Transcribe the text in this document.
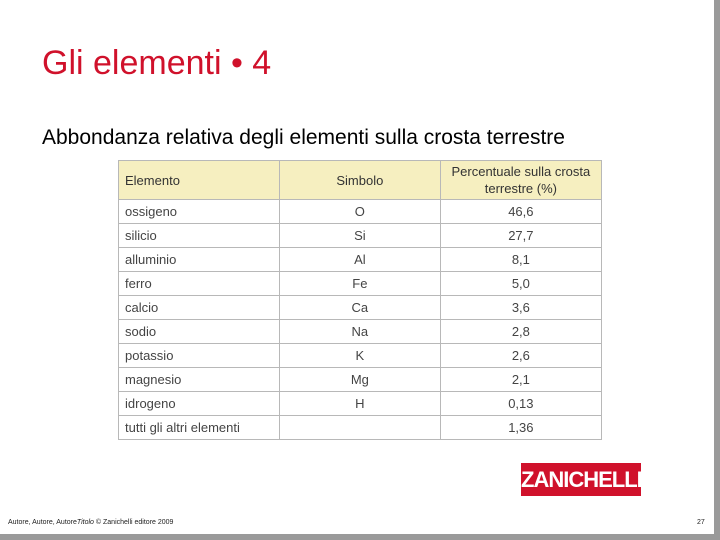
Gli elementi • 4
Abbondanza relativa degli elementi sulla crosta terrestre
Elemento	Simbolo	Percentuale sulla crosta terrestre (%)
ossigeno	O	46,6
silicio	Si	27,7
alluminio	Al	8,1
ferro	Fe	5,0
calcio	Ca	3,6
sodio	Na	2,8
potassio	K	2,6
magnesio	Mg	2,1
idrogeno	H	0,13
tutti gli altri elementi		1,36
ZANICHELLI
Autore, Autore, AutoreTitolo © Zanichelli editore 2009	27
